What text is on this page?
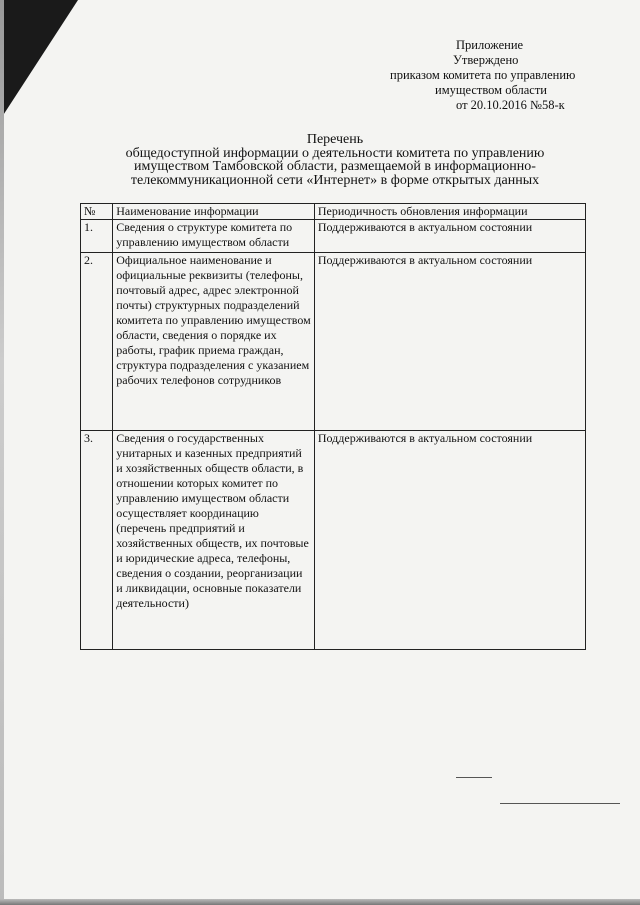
Приложение
Утверждено
приказом комитета по управлению
имуществом области
от 20.10.2016 №58-к
Перечень
общедоступной информации о деятельности комитета по управлению
имуществом Тамбовской области, размещаемой в информационно-
телекоммуникационной сети «Интернет» в форме открытых данных
№	Наименование информации	Периодичность обновления информации
1.	Сведения о структуре комитета по управлению имуществом области	Поддерживаются в актуальном состоянии
2.	Официальное наименование и официальные реквизиты (телефоны, почтовый адрес, адрес электронной почты) структурных подразделений комитета по управлению имуществом области, сведения о порядке их работы, график приема граждан, структура подразделения с указанием рабочих телефонов сотрудников	Поддерживаются в актуальном состоянии
3.	Сведения о государственных унитарных и казенных предприятий и хозяйственных обществ области, в отношении которых комитет по управлению имуществом области осуществляет координацию (перечень предприятий и хозяйственных обществ, их почтовые и юридические адреса, телефоны, сведения о создании, реорганизации и ликвидации, основные показатели деятельности)	Поддерживаются в актуальном состоянии
